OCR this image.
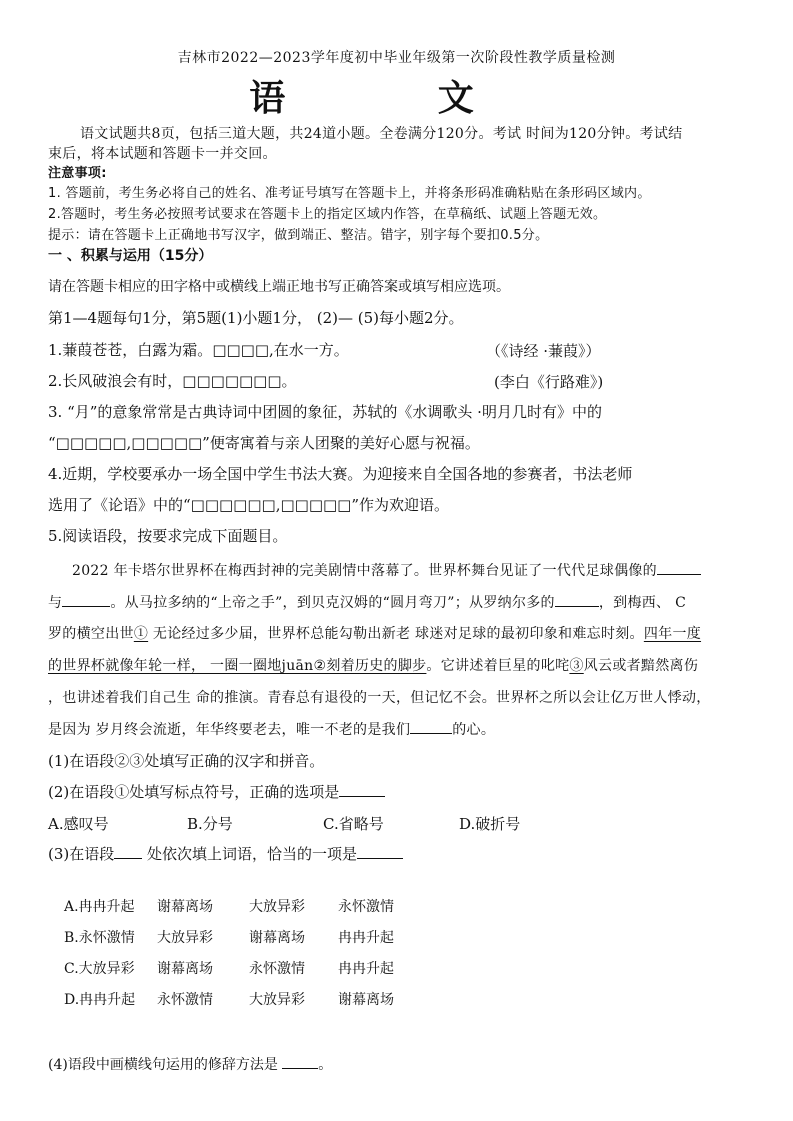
吉林市2022—2023学年度初中毕业年级第一次阶段性教学质量检测
语 文
语文试题共8页，包括三道大题，共24道小题。全卷满分120分。考试 时间为120分钟。考试结
束后，将本试题和答题卡一并交回。
注意事项:
1. 答题前，考生务必将自己的姓名、准考证号填写在答题卡上，并将条形码准确粘贴在条形码区域内。
2.答题时，考生务必按照考试要求在答题卡上的指定区域内作答，在草稿纸、试题上答题无效。
提示：请在答题卡上正确地书写汉字，做到端正、整洁。错字，别字每个要扣0.5分。
一 、积累与运用（15分）
请在答题卡相应的田字格中或横线上端正地书写正确答案或填写相应选项。
第1—4题每句1分，第5题(1)小题1分， (2)— (5)每小题2分。
1.蒹葭苍苍，白露为霜。□□□□,在水一方。	（《诗经 ·蒹葭》）
2.长风破浪会有时，□□□□□□□。	(李白《行路难》)
3. “月”的意象常常是古典诗词中团圆的象征，苏轼的《水调歌头 ·明月几时有》中的
“□□□□□,□□□□□”便寄寓着与亲人团聚的美好心愿与祝福。
4.近期，学校要承办一场全国中学生书法大赛。为迎接来自全国各地的参赛者，书法老师
选用了《论语》中的“□□□□□□,□□□□□”作为欢迎语。
5.阅读语段，按要求完成下面题目。
2022 年卡塔尔世界杯在梅西封神的完美剧情中落幕了。世界杯舞台见证了一代代足球偶像的
与	。从马拉多纳的“上帝之手”，到贝克汉姆的“圆月弯刀”；从罗纳尔多的	，到梅西、 C
罗的横空出世① 无论经过多少届，世界杯总能勾勒出新老 球迷对足球的最初印象和难忘时刻。四年一度
的世界杯就像年轮一样， 一圈一圈地juān②刻着历史的脚步。它讲述着巨星的叱咤③风云或者黯然离伤
，也讲述着我们自己生 命的推演。青春总有退役的一天，但记忆不会。世界杯之所以会让亿万世人悸动，
是因为 岁月终会流逝，年华终要老去，唯一不老的是我们	的心。
(1)在语段②③处填写正确的汉字和拼音。
(2)在语段①处填写标点符号，正确的选项是
A.感叹号	B.分号	C.省略号	D.破折号
(3)在语段 处依次填上词语，恰当的一项是
A.冉冉升起 谢幕离场	大放异彩 永怀激情
B.永怀激情 大放异彩	谢幕离场 冉冉升起
C.大放异彩 谢幕离场	永怀激情 冉冉升起
D.冉冉升起 永怀激情	大放异彩 谢幕离场
(4)语段中画横线句运用的修辞方法是	。
